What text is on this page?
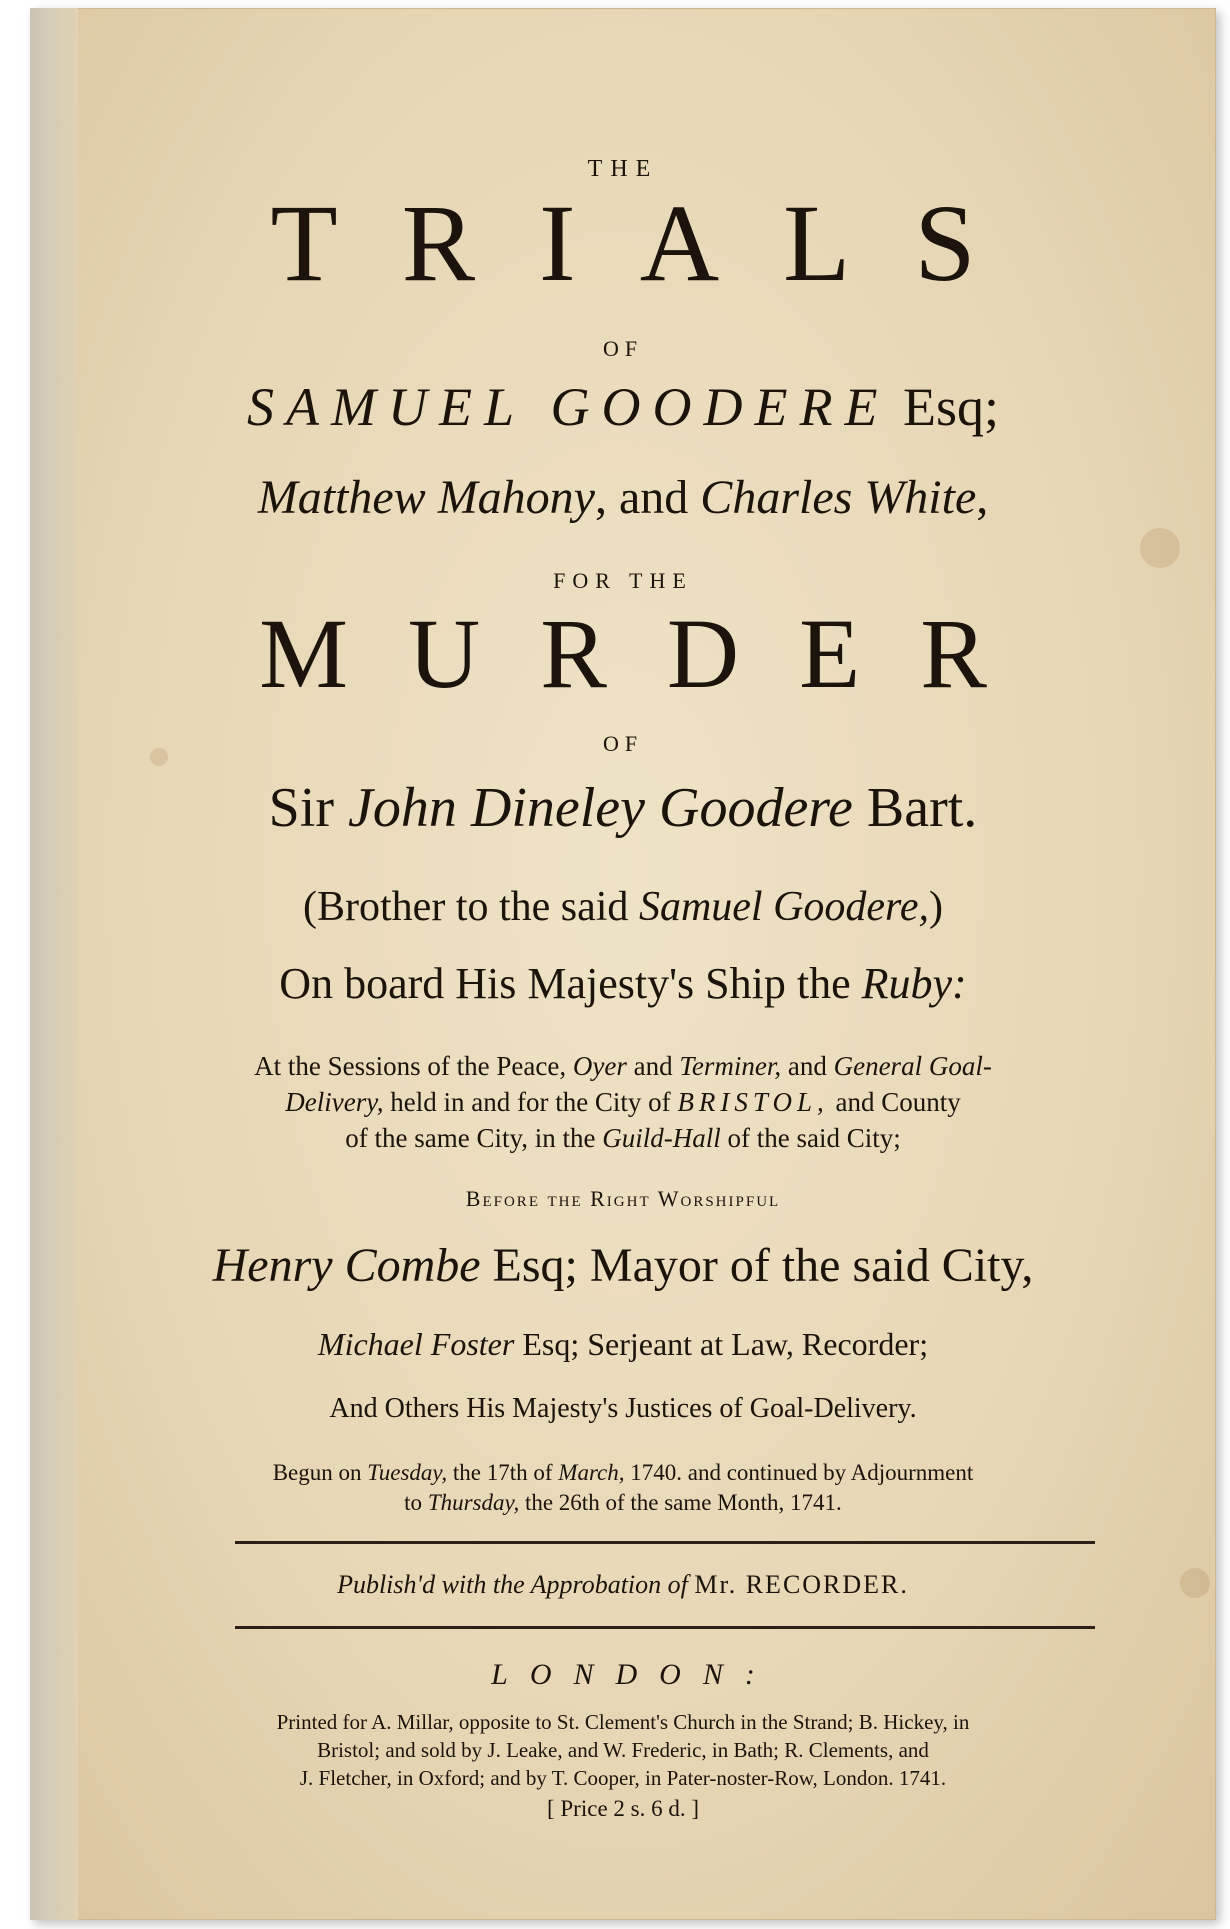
THE

TRIALS

OF

SAMUEL GOODERE Esq;

Matthew Mahony, and Charles White,

FOR THE

MURDER

OF

Sir John Dineley Goodere Bart.

(Brother to the said Samuel Goodere,)

On board His Majesty's Ship the Ruby:

At the Sessions of the Peace, Oyer and Terminer, and General Goal-
Delivery, held in and for the City of BRISTOL, and County
of the same City, in the Guild-Hall of the said City;

Before the Right Worshipful

Henry Combe Esq; Mayor of the said City,

Michael Foster Esq; Serjeant at Law, Recorder;

And Others His Majesty's Justices of Goal-Delivery.

Begun on Tuesday, the 17th of March, 1740. and continued by Adjournment
to Thursday, the 26th of the same Month, 1741.

Publish'd with the Approbation of Mr. RECORDER.

LONDON:

Printed for A. Millar, opposite to St. Clement's Church in the Strand; B. Hickey, in
Bristol; and sold by J. Leake, and W. Frederic, in Bath; R. Clements, and
J. Fletcher, in Oxford; and by T. Cooper, in Pater-noster-Row, London. 1741.

[ Price 2 s. 6 d. ]
